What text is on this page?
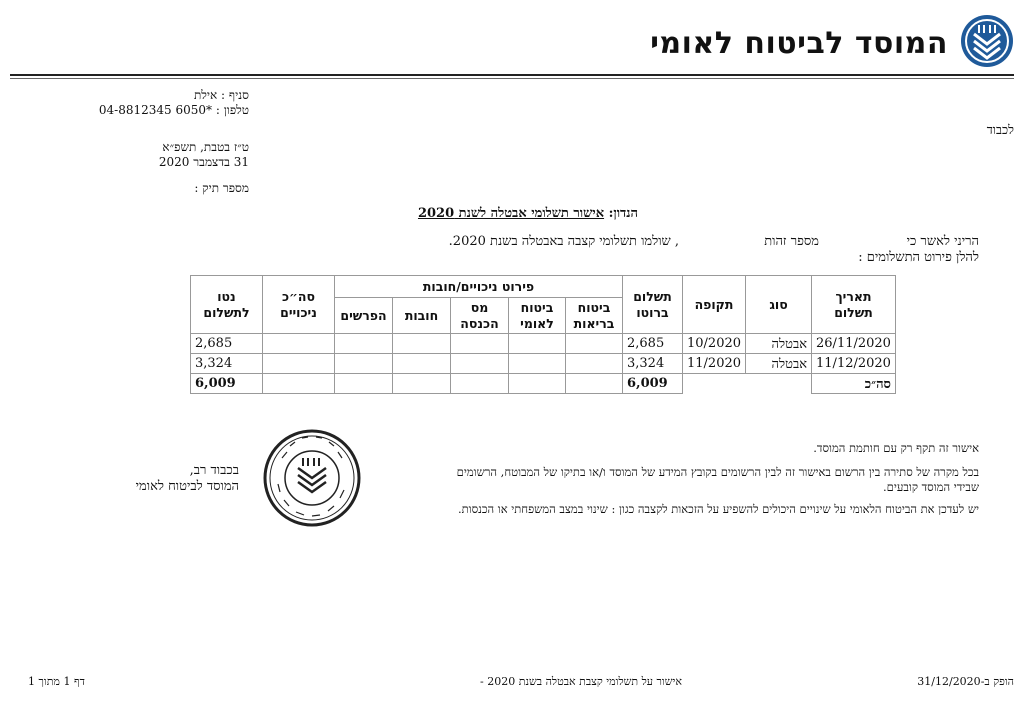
המוסד לביטוח לאומי
סניף : אילת
טלפון : 04-8812345 6050*
ט״ז בטבת, תשפ״א
31 בדצמבר 2020
מספר תיק :
לכבוד
הנדון: אישור תשלומי אבטלה לשנת 2020
הריני לאשר כי
מספר זהות
, שולמו תשלומי קצבה באבטלה בשנת 2020.
להלן פירוט התשלומים :
תאריך תשלום	סוג	תקופה	תשלום ברוטו	פירוט ניכויים/חובות					סה״כ ניכויים	נטו לתשלום
				ביטוח בריאות	ביטוח לאומי	מס הכנסה	חובות	הפרשים		
26/11/2020	אבטלה	10/2020	2,685							2,685
11/12/2020	אבטלה	11/2020	3,324							3,324
סה״כ			6,009							6,009
אישור זה תקף רק עם חותמת המוסד.
בכל מקרה של סתירה בין הרשום באישור זה לבין הרשומים בקובץ המידע של המוסד ו/או בתיקו של המבוטח, הרשומים
שבידי המוסד קובעים.
יש לעדכן את הביטוח הלאומי על שינויים היכולים להשפיע על הזכאות לקצבה כגון : שינוי במצב המשפחתי או הכנסות.
בכבוד רב,
המוסד לביטוח לאומי
הופק ב-31/12/2020
אישור על תשלומי קצבת אבטלה בשנת 2020 -
דף 1 מתוך 1
